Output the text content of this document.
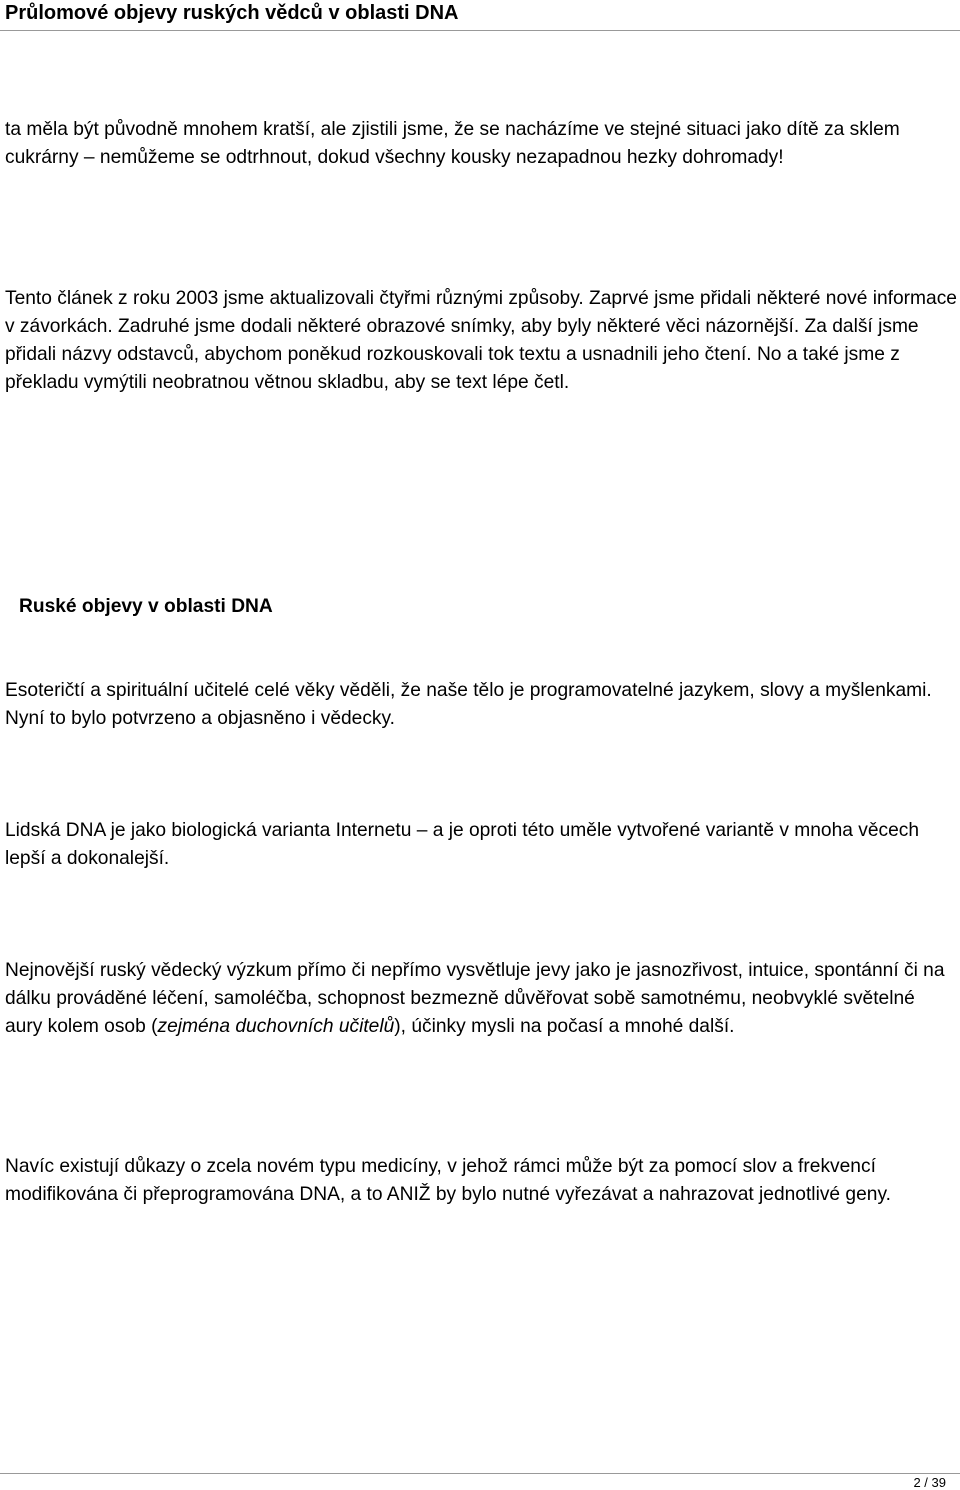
Průlomové objevy ruských vědců v oblasti DNA

ta měla být původně mnohem kratší, ale zjistili jsme, že se nacházíme ve stejné situaci jako dítě za sklem cukrárny – nemůžeme se odtrhnout, dokud všechny kousky nezapadnou hezky dohromady!

Tento článek z roku 2003 jsme aktualizovali čtyřmi různými způsoby. Zaprvé jsme přidali některé nové informace v závorkách. Zadruhé jsme dodali některé obrazové snímky, aby byly některé věci názornější. Za další jsme přidali názvy odstavců, abychom poněkud rozkouskovali tok textu a usnadnili jeho čtení. No a také jsme z překladu vymýtili neobratnou větnou skladbu, aby se text lépe četl.

Ruské objevy v oblasti DNA

Esoteričtí a spirituální učitelé celé věky věděli, že naše tělo je programovatelné jazykem, slovy a myšlenkami. Nyní to bylo potvrzeno a objasněno i vědecky.

Lidská DNA je jako biologická varianta Internetu – a je oproti této uměle vytvořené variantě v mnoha věcech lepší a dokonalejší.

Nejnovější ruský vědecký výzkum přímo či nepřímo vysvětluje jevy jako je jasnozřivost, intuice, spontánní či na dálku prováděné léčení, samoléčba, schopnost bezmezně důvěřovat sobě samotnému, neobvyklé světelné aury kolem osob (zejména duchovních učitelů), účinky mysli na počasí a mnohé další.

Navíc existují důkazy o zcela novém typu medicíny, v jehož rámci může být za pomocí slov a frekvencí modifikována či přeprogramována DNA, a to ANIŽ by bylo nutné vyřezávat a nahrazovat jednotlivé geny.

2 / 39
